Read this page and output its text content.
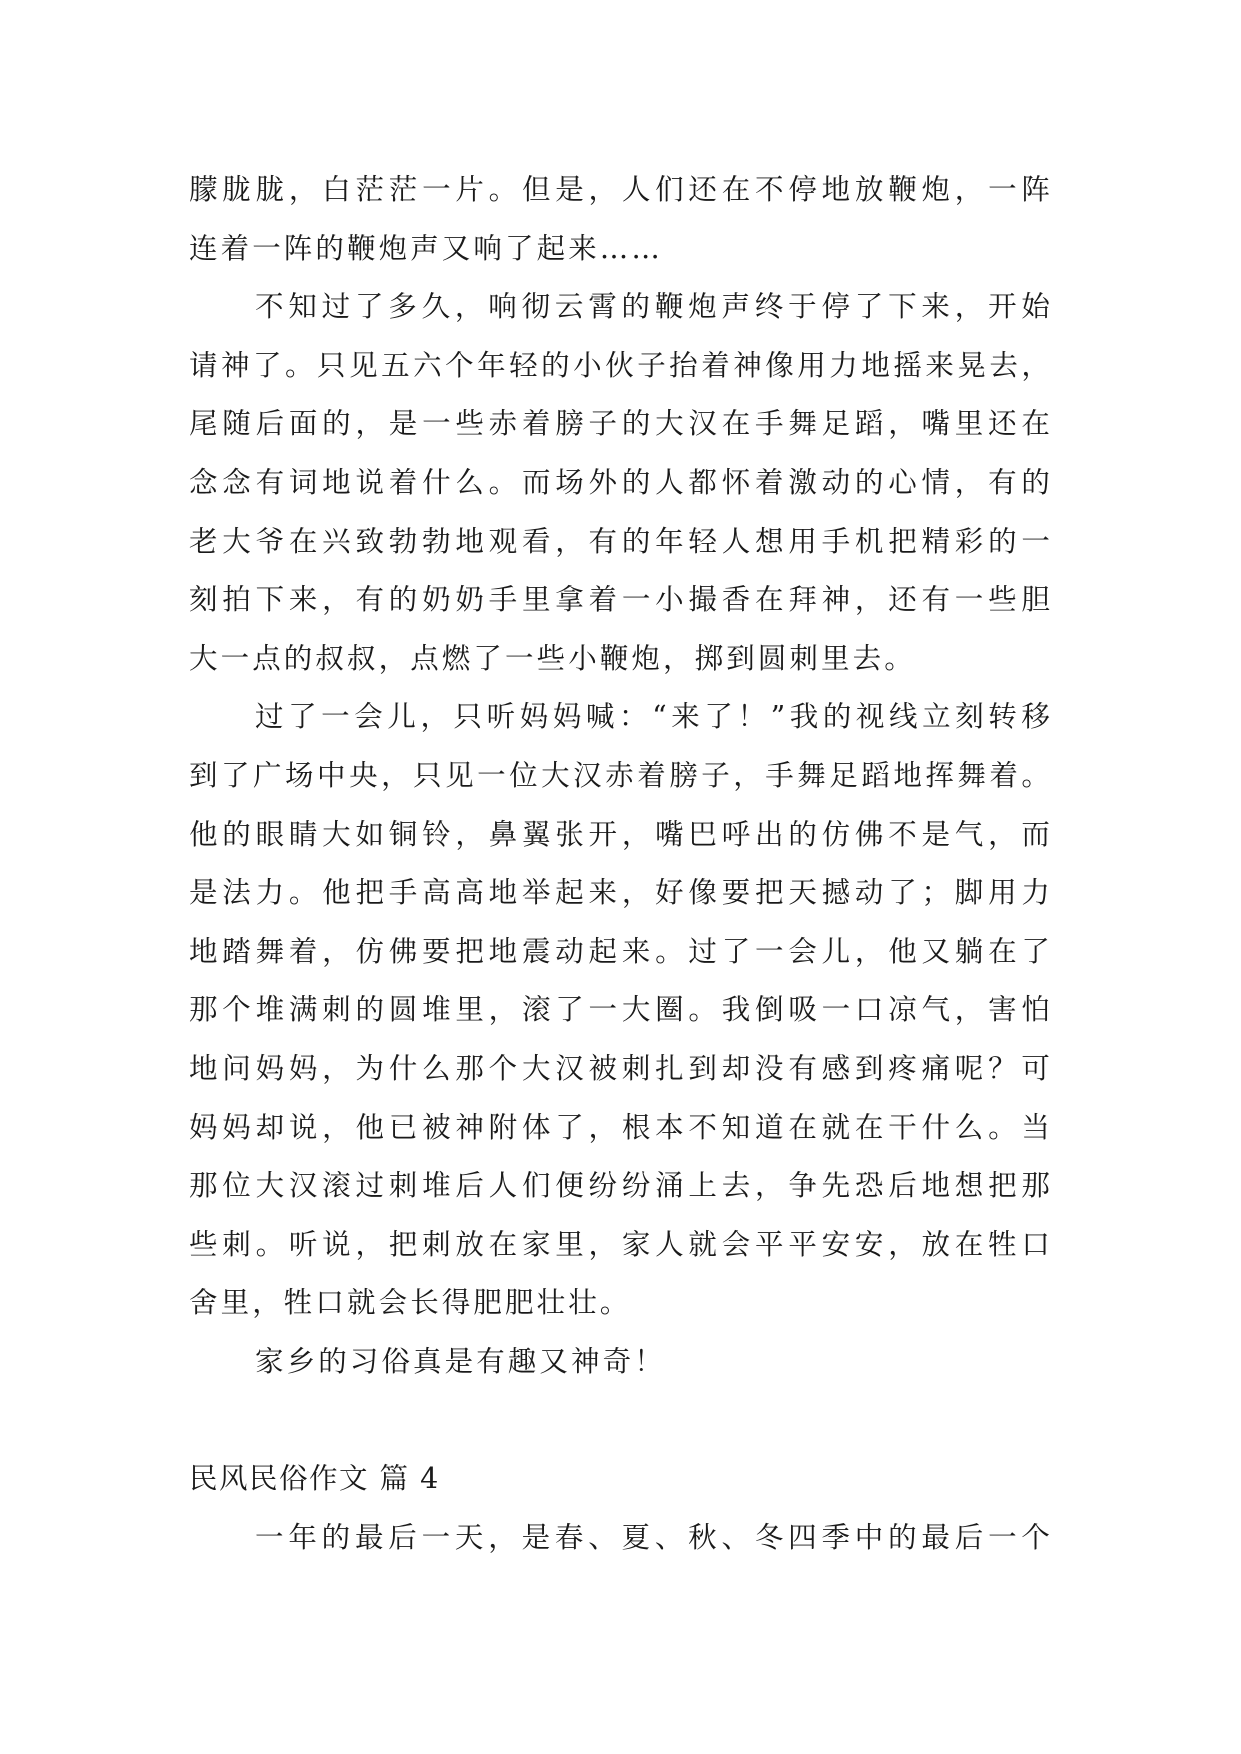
朦胧胧，白茫茫一片。但是，人们还在不停地放鞭炮，一阵
连着一阵的鞭炮声又响了起来……
不知过了多久，响彻云霄的鞭炮声终于停了下来，开始
请神了。只见五六个年轻的小伙子抬着神像用力地摇来晃去，
尾随后面的，是一些赤着膀子的大汉在手舞足蹈，嘴里还在
念念有词地说着什么。而场外的人都怀着激动的心情，有的
老大爷在兴致勃勃地观看，有的年轻人想用手机把精彩的一
刻拍下来，有的奶奶手里拿着一小撮香在拜神，还有一些胆
大一点的叔叔，点燃了一些小鞭炮，掷到圆刺里去。
过了一会儿，只听妈妈喊：“来了！”我的视线立刻转移
到了广场中央，只见一位大汉赤着膀子，手舞足蹈地挥舞着。
他的眼睛大如铜铃，鼻翼张开，嘴巴呼出的仿佛不是气，而
是法力。他把手高高地举起来，好像要把天撼动了；脚用力
地踏舞着，仿佛要把地震动起来。过了一会儿，他又躺在了
那个堆满刺的圆堆里，滚了一大圈。我倒吸一口凉气，害怕
地问妈妈，为什么那个大汉被刺扎到却没有感到疼痛呢？可
妈妈却说，他已被神附体了，根本不知道在就在干什么。当
那位大汉滚过刺堆后人们便纷纷涌上去，争先恐后地想把那
些刺。听说，把刺放在家里，家人就会平平安安，放在牲口
舍里，牲口就会长得肥肥壮壮。
家乡的习俗真是有趣又神奇！
民风民俗作文 篇 4
一年的最后一天，是春、夏、秋、冬四季中的最后一个
